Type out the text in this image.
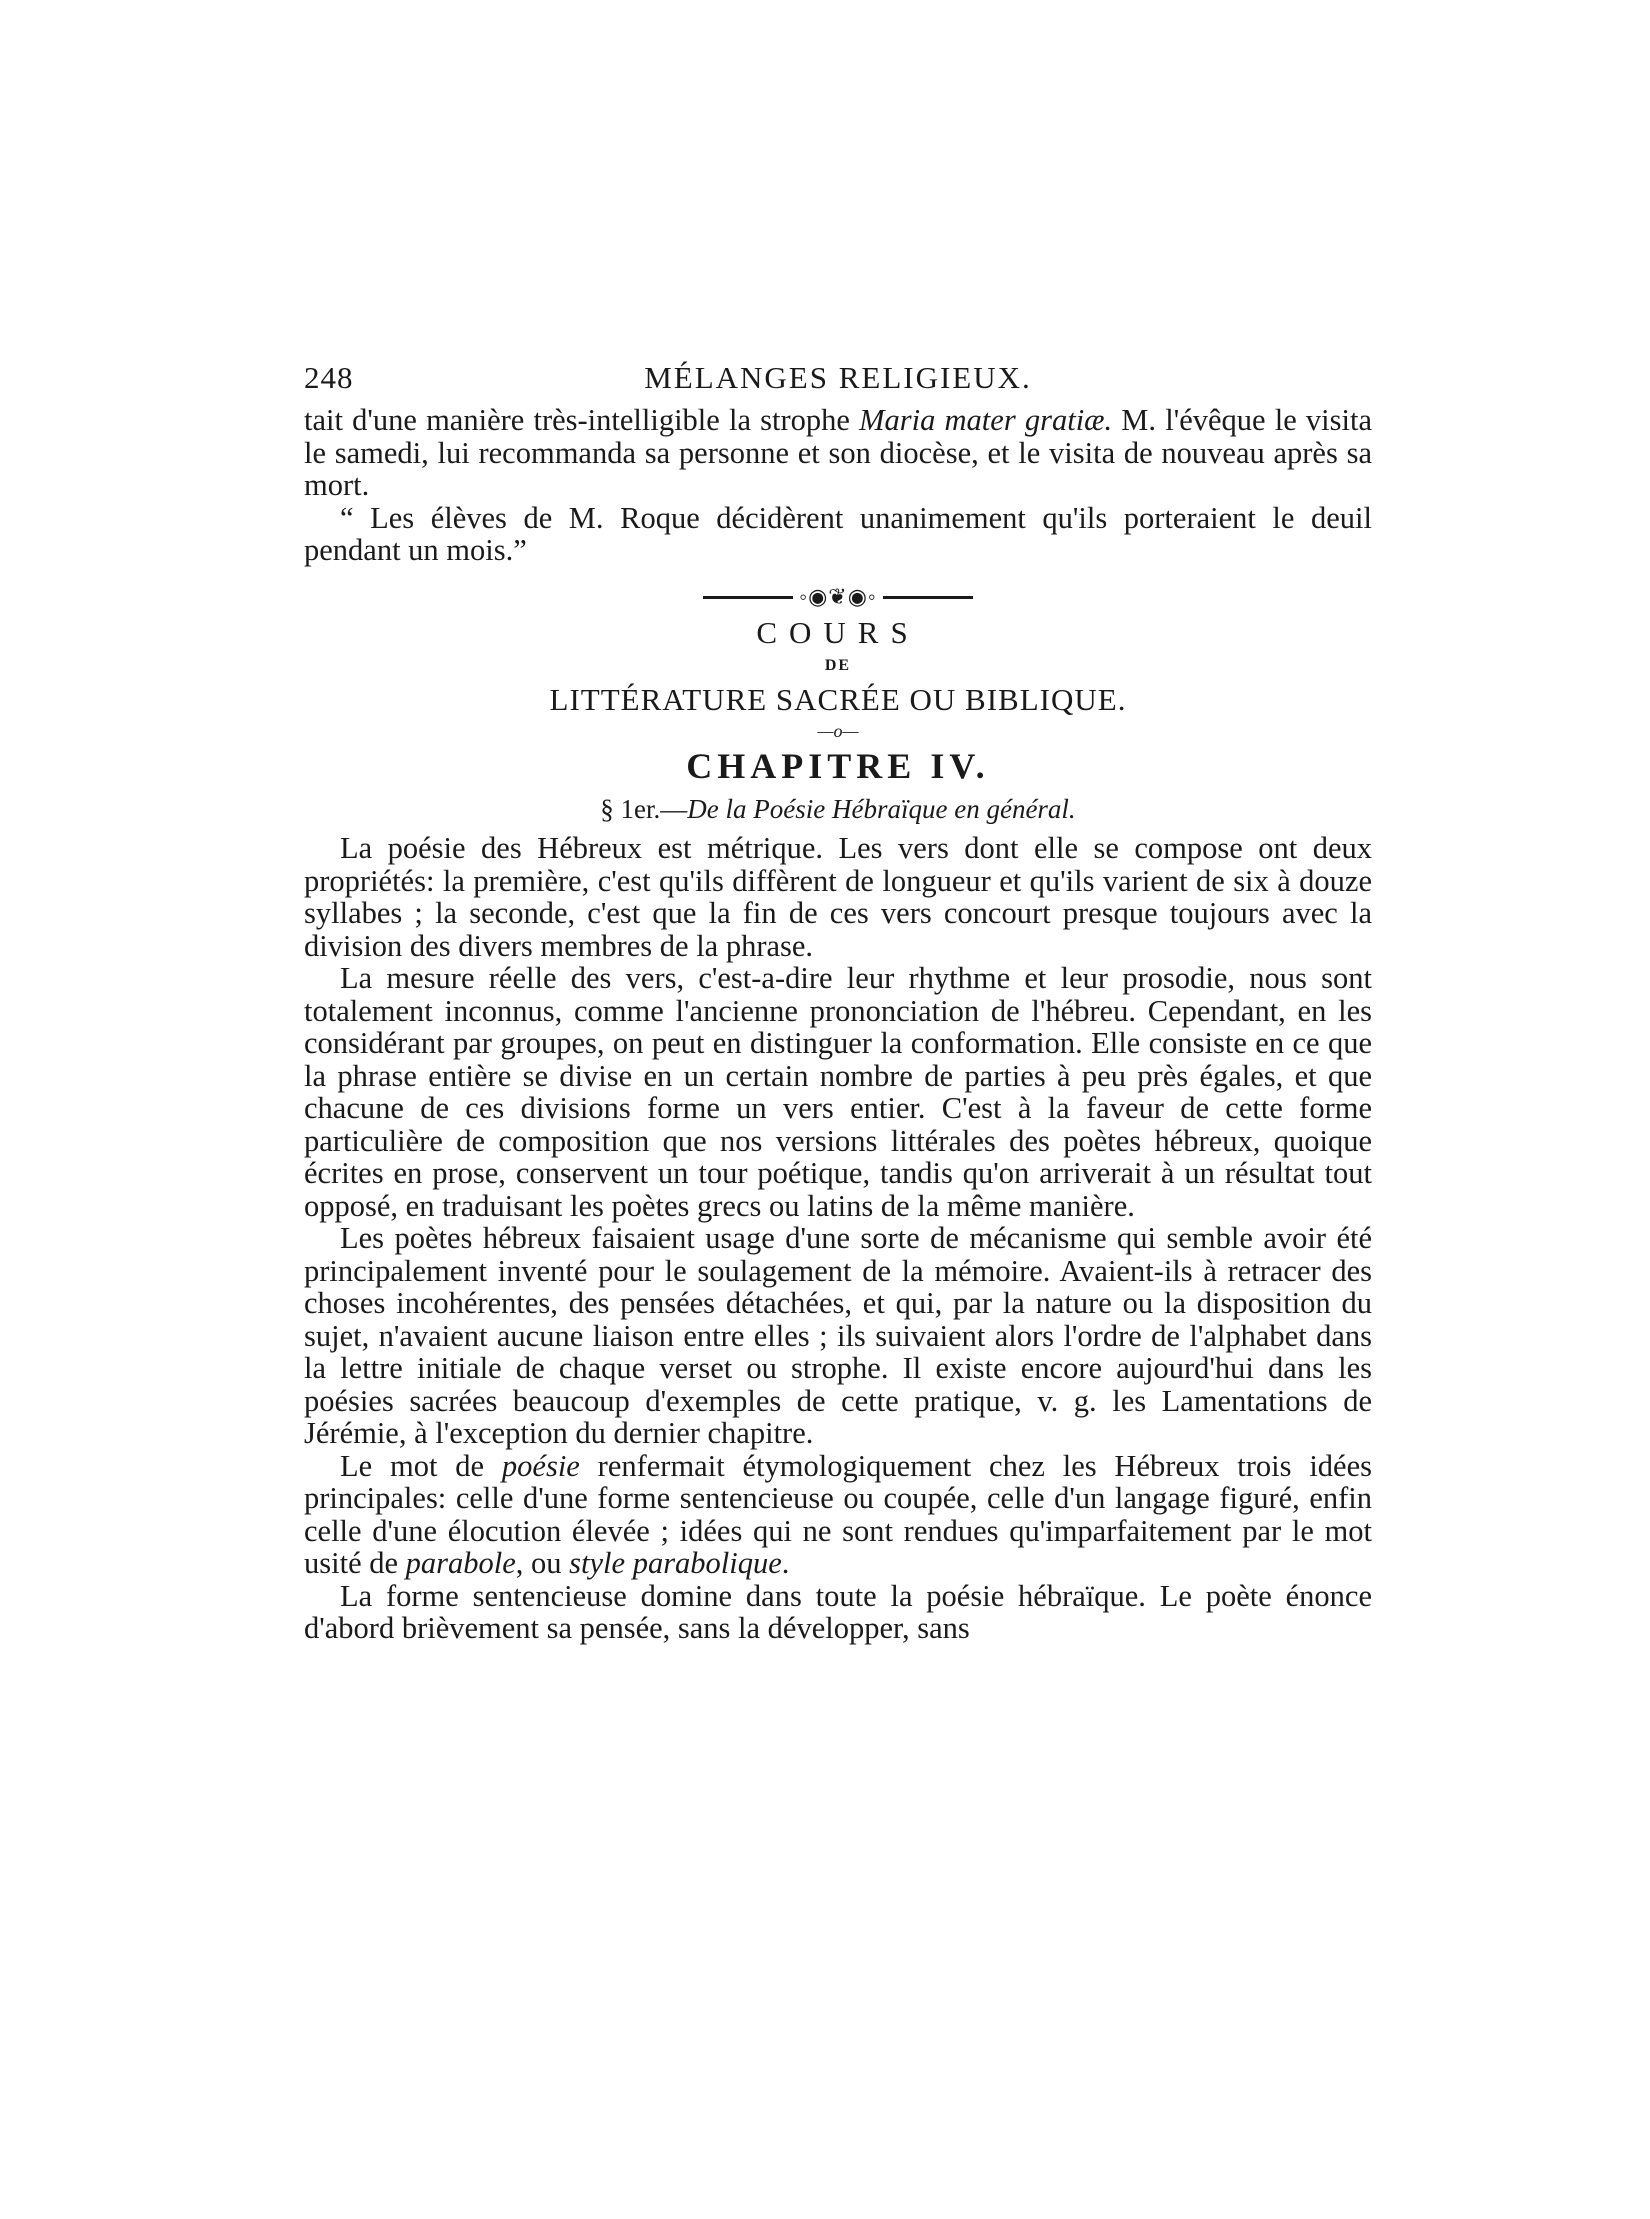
248	MÉLANGES RELIGIEUX.

tait d'une manière très-intelligible la strophe Maria mater gratiæ. M. l'évêque le visita le samedi, lui recommanda sa personne et son diocèse, et le visita de nouveau après sa mort.

“ Les élèves de M. Roque décidèrent unanimement qu'ils porteraient le deuil pendant un mois.”

◦◉❦◉◦
COURS
DE
LITTÉRATURE SACRÉE OU BIBLIQUE.
—o—
CHAPITRE IV.
§ 1er.—De la Poésie Hébraïque en général.

La poésie des Hébreux est métrique. Les vers dont elle se compose ont deux propriétés: la première, c'est qu'ils diffèrent de longueur et qu'ils varient de six à douze syllabes ; la seconde, c'est que la fin de ces vers concourt presque toujours avec la division des divers membres de la phrase.

La mesure réelle des vers, c'est-a-dire leur rhythme et leur prosodie, nous sont totalement inconnus, comme l'ancienne prononciation de l'hébreu. Cependant, en les considérant par groupes, on peut en distinguer la conformation. Elle consiste en ce que la phrase entière se divise en un certain nombre de parties à peu près égales, et que chacune de ces divisions forme un vers entier. C'est à la faveur de cette forme particulière de composition que nos versions littérales des poètes hébreux, quoique écrites en prose, conservent un tour poétique, tandis qu'on arriverait à un résultat tout opposé, en traduisant les poètes grecs ou latins de la même manière.

Les poètes hébreux faisaient usage d'une sorte de mécanisme qui semble avoir été principalement inventé pour le soulagement de la mémoire. Avaient-ils à retracer des choses incohérentes, des pensées détachées, et qui, par la nature ou la disposition du sujet, n'avaient aucune liaison entre elles ; ils suivaient alors l'ordre de l'alphabet dans la lettre initiale de chaque verset ou strophe. Il existe encore aujourd'hui dans les poésies sacrées beaucoup d'exemples de cette pratique, v. g. les Lamentations de Jérémie, à l'exception du dernier chapitre.

Le mot de poésie renfermait étymologiquement chez les Hébreux trois idées principales: celle d'une forme sentencieuse ou coupée, celle d'un langage figuré, enfin celle d'une élocution élevée ; idées qui ne sont rendues qu'imparfaitement par le mot usité de parabole, ou style parabolique.

La forme sentencieuse domine dans toute la poésie hébraïque. Le poète énonce d'abord brièvement sa pensée, sans la développer, sans
